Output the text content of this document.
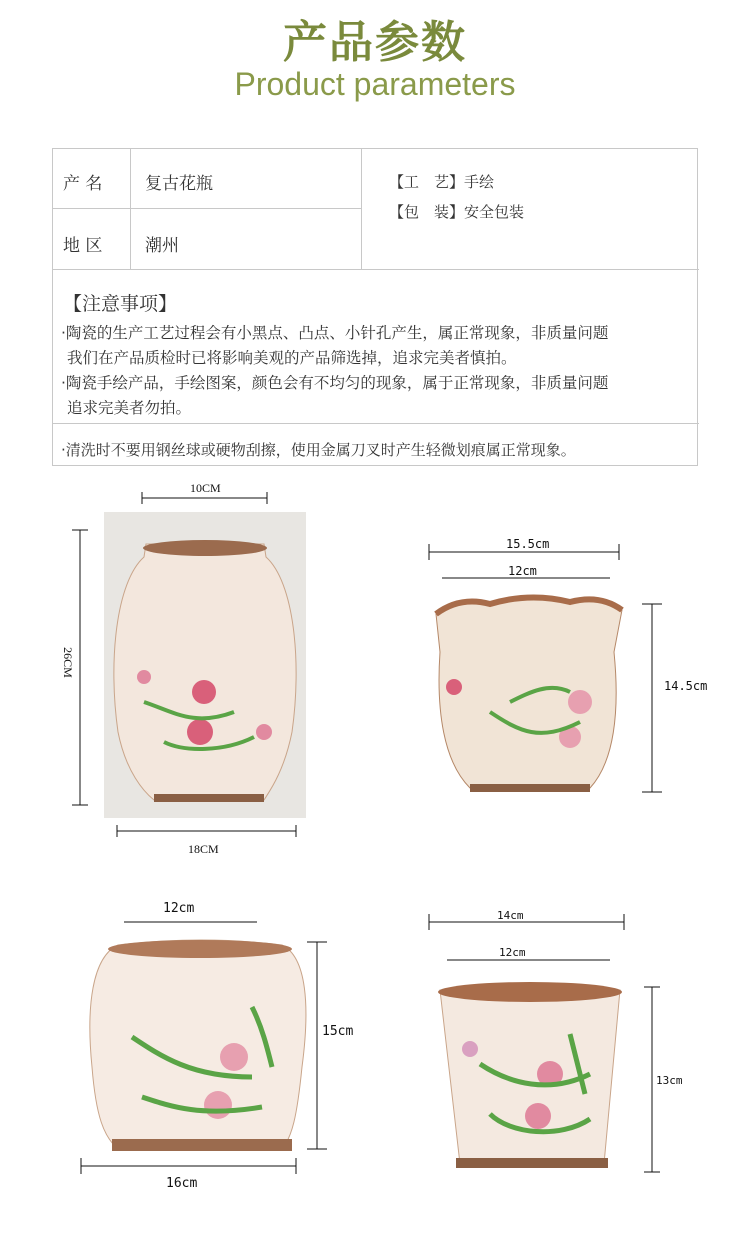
产品参数
Product parameters
产 名	复古花瓶
地 区	潮州
【工　艺】手绘
【包　装】安全包装
【注意事项】
·陶瓷的生产工艺过程会有小黑点、凸点、小针孔产生，属正常现象，非质量问题
我们在产品质检时已将影响美观的产品筛选掉，追求完美者慎拍。
·陶瓷手绘产品，手绘图案，颜色会有不均匀的现象，属于正常现象，非质量问题
追求完美者勿拍。
·清洗时不要用钢丝球或硬物刮擦，使用金属刀叉时产生轻微划痕属正常现象。
10CM
26CM
18CM
15.5cm
12cm
14.5cm
12cm
15cm
16cm
14cm
12cm
13cm
